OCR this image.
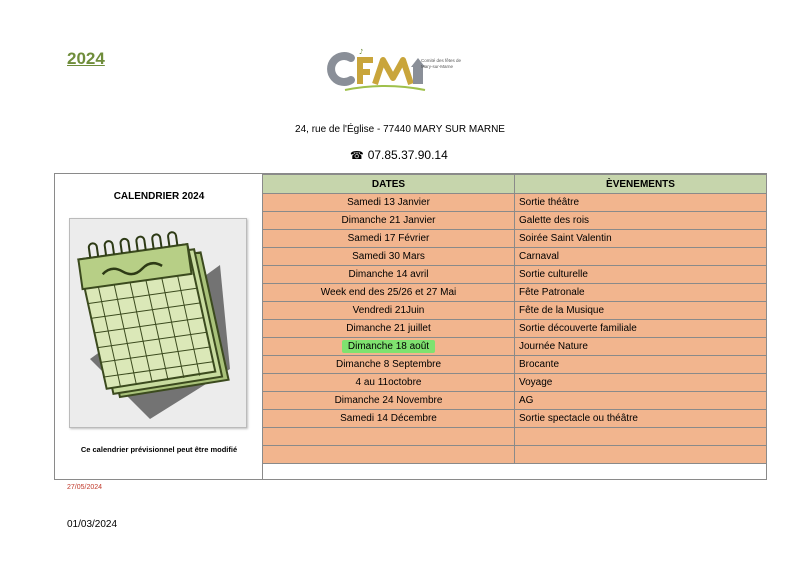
2024	♪
Comité des fêtes de Mary-sur-Marne
24, rue de l'Église - 77440 MARY SUR MARNE
☎ 07.85.37.90.14
CALENDRIER 2024
Ce calendrier prévisionnel peut être modifié
DATES	ÈVENEMENTS
Samedi 13 Janvier	Sortie théâtre
Dimanche 21 Janvier	Galette des rois
Samedi 17 Février	Soirée Saint Valentin
Samedi 30 Mars	Carnaval
Dimanche 14 avril	Sortie culturelle
Week end des 25/26 et 27 Mai	Fête Patronale
Vendredi 21Juin	Fête de la Musique
Dimanche 21 juillet	Sortie découverte familiale
Dimanche 18 août	Journée Nature
Dimanche 8 Septembre	Brocante
4 au 11octobre	Voyage
Dimanche 24 Novembre	AG
Samedi 14 Décembre	Sortie spectacle ou théâtre

27/05/2024
01/03/2024
